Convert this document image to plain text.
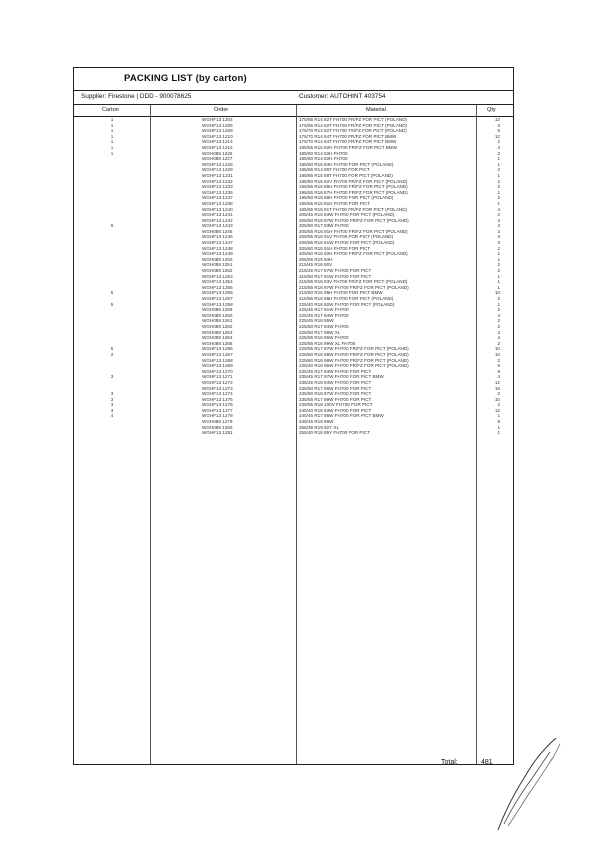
PACKING LIST (by carton)
Supplier: Firestone | DDD - 900078625	Customer: AUTOHINT 403754
Carton	Order	Material	Qty
1	WGHF13 1204	175/65 R14 82T FH700 FR/FZ FOR PICT (POLAND)	12
1	WGHF13 1205	175/65 R14 82T FH700 FR/FZ FOR PICT (POLAND)	3
1	WGHF13 1208	175/70 R13 82T FH700 TS/FZ FOR PICT (POLAND)	6
1	WGHF13 1210	175/70 R14 84T FH700 FR/FZ FOR PICT BMW	12
1	WGHF13 1214	175/70 R14 84T FH700 FR/FZ FOR PICT BMW	2
1	WGHF13 1214	185/55 R15 82H FH700 FR/FZ FOR PICT BMW	4
1	WGH088 1226	185/60 R14 82H FH700	2
WGH088 1227	185/60 R14 82H FH700	1
WGHF13 1228	185/60 R15 84H FH700 FOR PICT (POLAND)	1
WGHF13 1229	185/65 R14 86T FH700 FOR PICT	2
WGHF13 1231	185/65 R15 88T FH700 FOR PICT (POLAND)	1
WGHF13 1232	195/50 R15 82V FH700 FR/FZ FOR PICT (POLAND)	2
WGHF13 1233	195/55 R15 85H FH700 FR/FZ FOR PICT (POLAND)	2
WGHF13 1236	195/55 R16 87H FH700 FR/FZ FOR PICT (POLAND)	1
WGHF13 1237	195/60 R15 88H FH700 FOR PICT (POLAND)	2
WGHF13 1238	195/65 R15 91H FH700 FOR PICT	1
WGHF13 1240	195/65 R15 91T FH700 FR/FZ FOR PICT (POLAND)	4
WGHF13 1241	205/45 R16 83W FH700 FOR PICT (POLAND)	2
WGHF13 1242	205/50 R16 87W FH700 FR/FZ FOR PICT (POLAND)	4
6	WGHF13 1243	205/50 R17 93W FH700	3
WGH088 1245	205/55 R16 91H FH700 FR/FZ FOR PICT (POLAND)	2
WGHF13 1246	205/55 R16 91V FH700 FOR PICT (POLAND)	3
WGHF13 1247	205/55 R16 91W FH700 FOR PICT (POLAND)	3
WGHF13 1248	205/60 R15 91H FH700 FOR PICT	2
WGHF13 1249	205/60 R16 92H FH700 FR/FZ FOR PICT (POLAND)	1
WGH088 1250	205/65 R15 94H	1
WGH088 1251	215/45 R16 90V	2
WGH088 1252	215/45 R17 87W FH700 FOR PICT	2
WGHF13 1253	215/50 R17 91W FH700 FOR PICT	1
WGHF13 1254	215/55 R16 93V FH700 FR/FZ FOR PICT (POLAND)	1
WGHF13 1255	215/55 R16 97W FH700 FR/FZ FOR PICT (POLAND)	1
5	WGHF13 1256	215/60 R16 95H FH700 FOR PICT BMW	10
WGHF13 1257	215/65 R16 98H FH700 FOR PICT (POLAND)	2
5	WGHF13 1258	225/40 R18 92W FH700 FOR PICT (POLAND)	1
WGH088 1259	225/45 R17 91W FH700	2
WGH088 1260	225/45 R17 94W FH700	4
WGH088 1261	225/45 R18 95W	2
WGH088 1262	225/50 R17 94W FH700	2
WGH088 1263	225/50 R17 98W XL	2
WGH088 1264	225/55 R16 95W FH700	4
WGH088 1265	225/55 R16 99W XL FH700	2
5	WGHF13 1266	225/55 R17 97W FH700 FR/FZ FOR PICT (POLAND)	10
2	WGHF13 1267	225/60 R16 98W FH700 FR/FZ FOR PICT (POLAND)	10
WGHF13 1268	225/60 R16 98W FH700 FR/FZ FOR PICT (POLAND)	2
WGHF13 1269	235/40 R18 95W FH700 FR/FZ FOR PICT (POLAND)	6
WGHF13 1270	235/45 R17 94W FH700 FOR PICT	6
3	WGHF13 1271	235/45 R17 97W FH700 FOR PICT BMW	4
WGHF13 1272	235/45 R18 94W FH700 FOR PICT	12
WGHF13 1273	235/50 R17 96W FH700 FOR PICT	16
3	WGHF13 1274	235/50 R18 97W FH700 FOR PICT	2
3	WGHF13 1275	235/55 R17 99W FH700 FOR PICT	10
3	WGHF13 1276	235/55 R18 100V FH700 FOR PICT	2
3	WGHF13 1277	245/40 R18 93W FH700 FOR PICT	12
4	WGHF13 1278	245/45 R17 95W FH700 FOR PICT BMW	1
WGH088 1279	245/45 R18 96W	8
WGH088 1280	255/35 R19 92Y XL	1
WGHF13 1281	255/40 R18 95Y FH700 FOR PICT	1
Total:	481
